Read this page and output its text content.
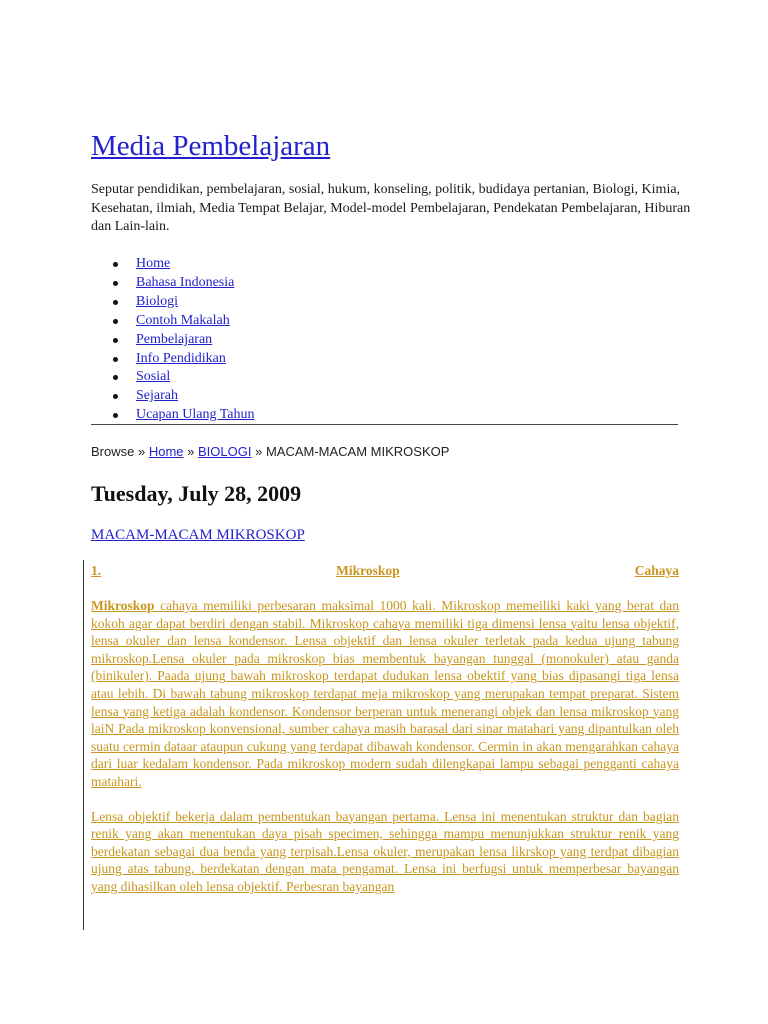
Media Pembelajaran

Seputar pendidikan, pembelajaran, sosial, hukum, konseling, politik, budidaya pertanian, Biologi, Kimia, Kesehatan, ilmiah, Media Tempat Belajar, Model-model Pembelajaran, Pendekatan Pembelajaran, Hiburan dan Lain-lain.

Home
Bahasa Indonesia
Biologi
Contoh Makalah
Pembelajaran
Info Pendidikan
Sosial
Sejarah
Ucapan Ulang Tahun
Browse » Home » BIOLOGI » MACAM-MACAM MIKROSKOP
Tuesday, July 28, 2009
MACAM-MACAM MIKROSKOP
1.	Mikroskop	Cahaya

Mikroskop cahaya memiliki perbesaran maksimal 1000 kali. Mikroskop memeiliki kaki yang berat dan kokoh agar dapat berdiri dengan stabil. Mikroskop cahaya memiliki tiga dimensi lensa yaitu lensa objektif, lensa okuler dan lensa kondensor. Lensa objektif dan lensa okuler terletak pada kedua ujung tabung mikroskop.Lensa okuler pada mikroskop bias membentuk bayangan tunggal (monokuler) atau ganda (binikuler). Paada ujung bawah mikroskop terdapat dudukan lensa obektif yang bias dipasangi tiga lensa atau lebih. Di bawah tabung mikroskop terdapat meja mikroskop yang merupakan tempat preparat. Sistem lensa yang ketiga adalah kondensor. Kondensor berperan untuk menerangi objek dan lensa mikroskop yang laiN Pada mikroskop konvensional, sumber cahaya masih barasal dari sinar matahari yang dipantulkan oleh suatu cermin dataar ataupun cukung yang terdapat dibawah kondensor. Cermin in akan mengarahkan cahaya dari luar kedalam kondensor. Pada mikroskop modern sudah dilengkapai lampu sebagai pengganti cahaya matahari.

Lensa objektif bekerja dalam pembentukan bayangan pertama. Lensa ini menentukan struktur dan bagian renik yang akan menentukan daya pisah specimen, sehingga mampu menunjukkan struktur renik yang berdekatan sebagai dua benda yang terpisah.Lensa okuler, merupakan lensa likrskop yang terdpat dibagian ujung atas tabung, berdekatan dengan mata pengamat. Lensa ini berfugsi untuk memperbesar bayangan yang dihasilkan oleh lensa objektif. Perbesran bayangan
